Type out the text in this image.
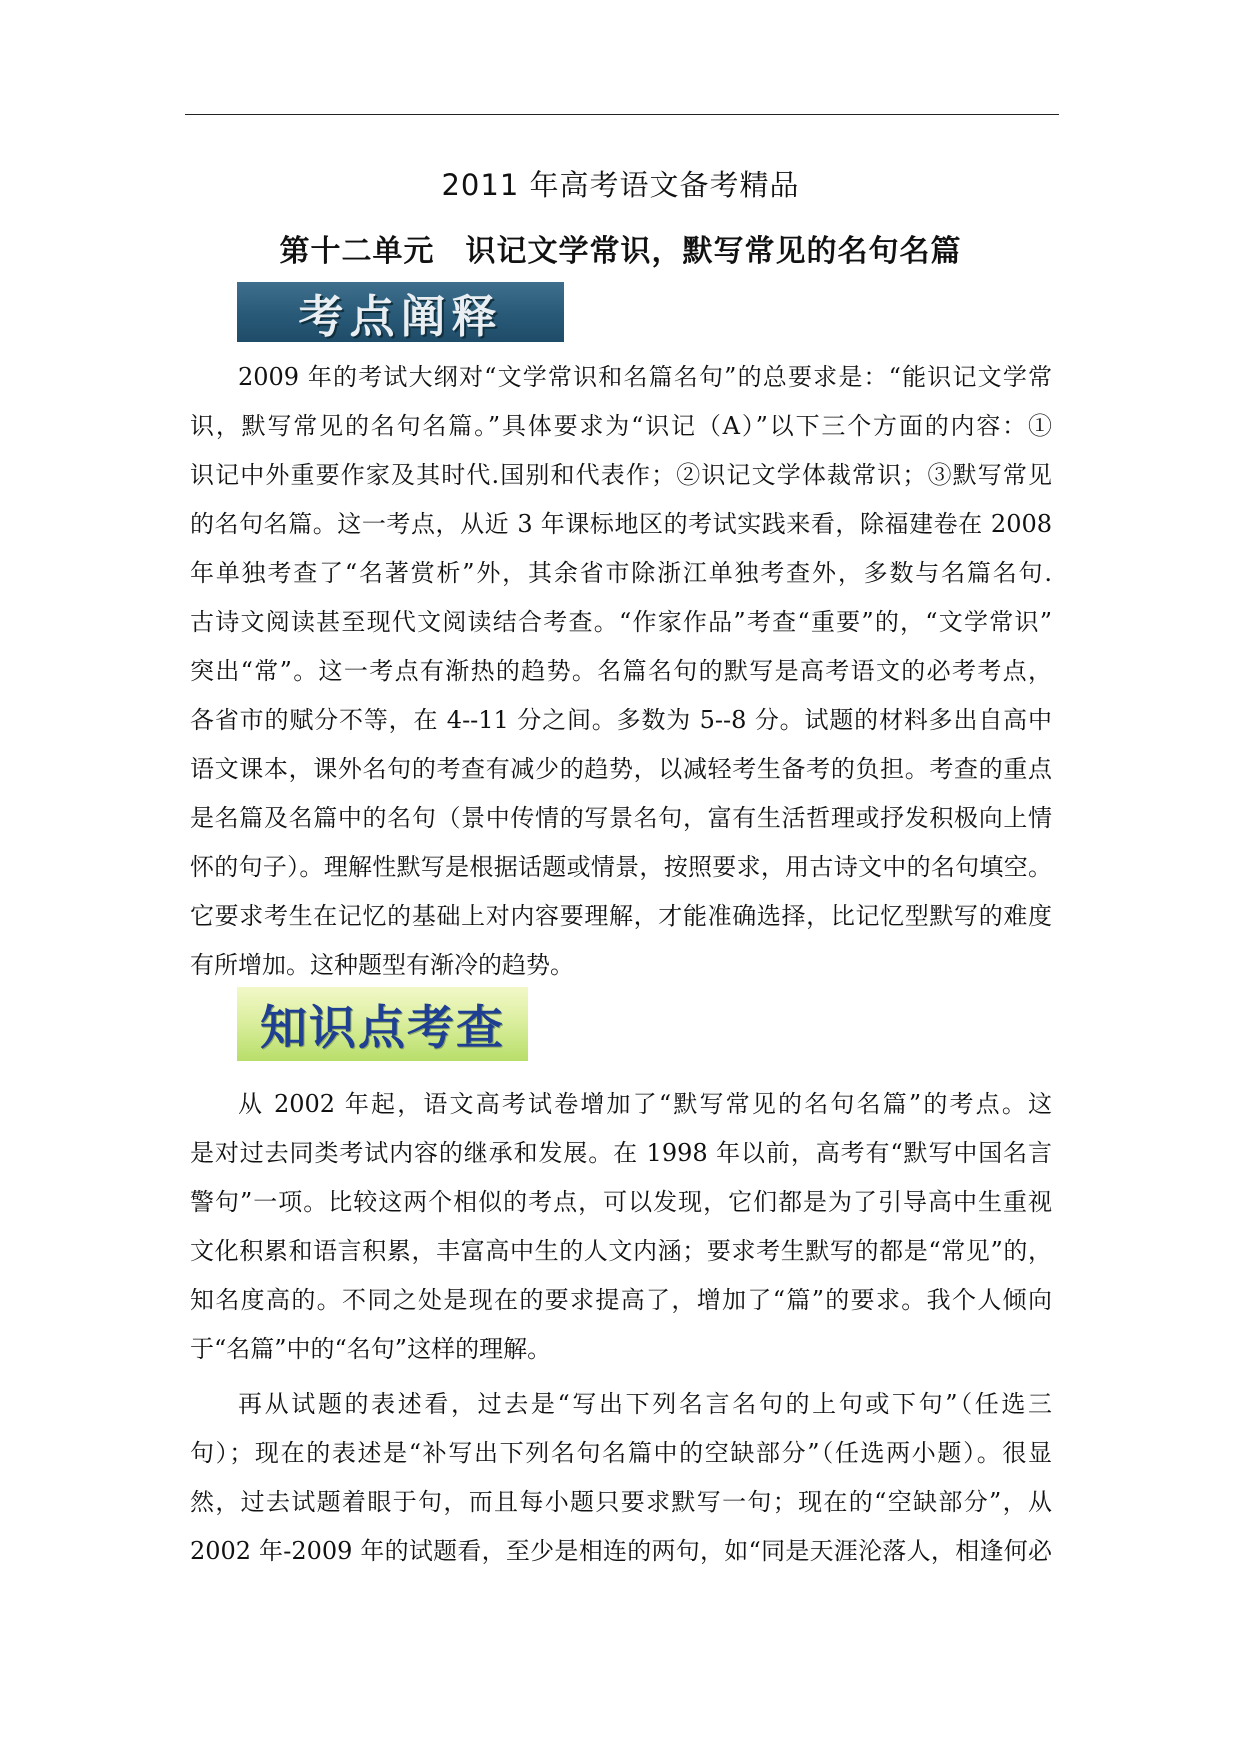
2011 年高考语文备考精品
第十二单元　识记文学常识，默写常见的名句名篇
考点阐释
2009 年的考试大纲对“文学常识和名篇名句”的总要求是：“能识记文学常
识，默写常见的名句名篇。”具体要求为“识记（A）”以下三个方面的内容：①
识记中外重要作家及其时代.国别和代表作；②识记文学体裁常识；③默写常见
的名句名篇。这一考点，从近 3 年课标地区的考试实践来看，除福建卷在 2008
年单独考查了“名著赏析”外，其余省市除浙江单独考查外，多数与名篇名句.
古诗文阅读甚至现代文阅读结合考查。“作家作品”考查“重要”的，“文学常识”
突出“常”。这一考点有渐热的趋势。名篇名句的默写是高考语文的必考考点，
各省市的赋分不等，在 4--11 分之间。多数为 5--8 分。试题的材料多出自高中
语文课本，课外名句的考查有减少的趋势，以减轻考生备考的负担。考查的重点
是名篇及名篇中的名句（景中传情的写景名句，富有生活哲理或抒发积极向上情
怀的句子）。理解性默写是根据话题或情景，按照要求，用古诗文中的名句填空。
它要求考生在记忆的基础上对内容要理解，才能准确选择，比记忆型默写的难度
有所增加。这种题型有渐冷的趋势。
知识点考查
从 2002 年起，语文高考试卷增加了“默写常见的名句名篇”的考点。这
是对过去同类考试内容的继承和发展。在 1998 年以前，高考有“默写中国名言
警句”一项。比较这两个相似的考点，可以发现，它们都是为了引导高中生重视
文化积累和语言积累，丰富高中生的人文内涵；要求考生默写的都是“常见”的，
知名度高的。不同之处是现在的要求提高了，增加了“篇”的要求。我个人倾向
于“名篇”中的“名句”这样的理解。
再从试题的表述看，过去是“写出下列名言名句的上句或下句”（任选三
句）；现在的表述是“补写出下列名句名篇中的空缺部分”（任选两小题）。很显
然，过去试题着眼于句，而且每小题只要求默写一句；现在的“空缺部分”，从
2002 年-2009 年的试题看，至少是相连的两句，如“同是天涯沦落人，相逢何必
